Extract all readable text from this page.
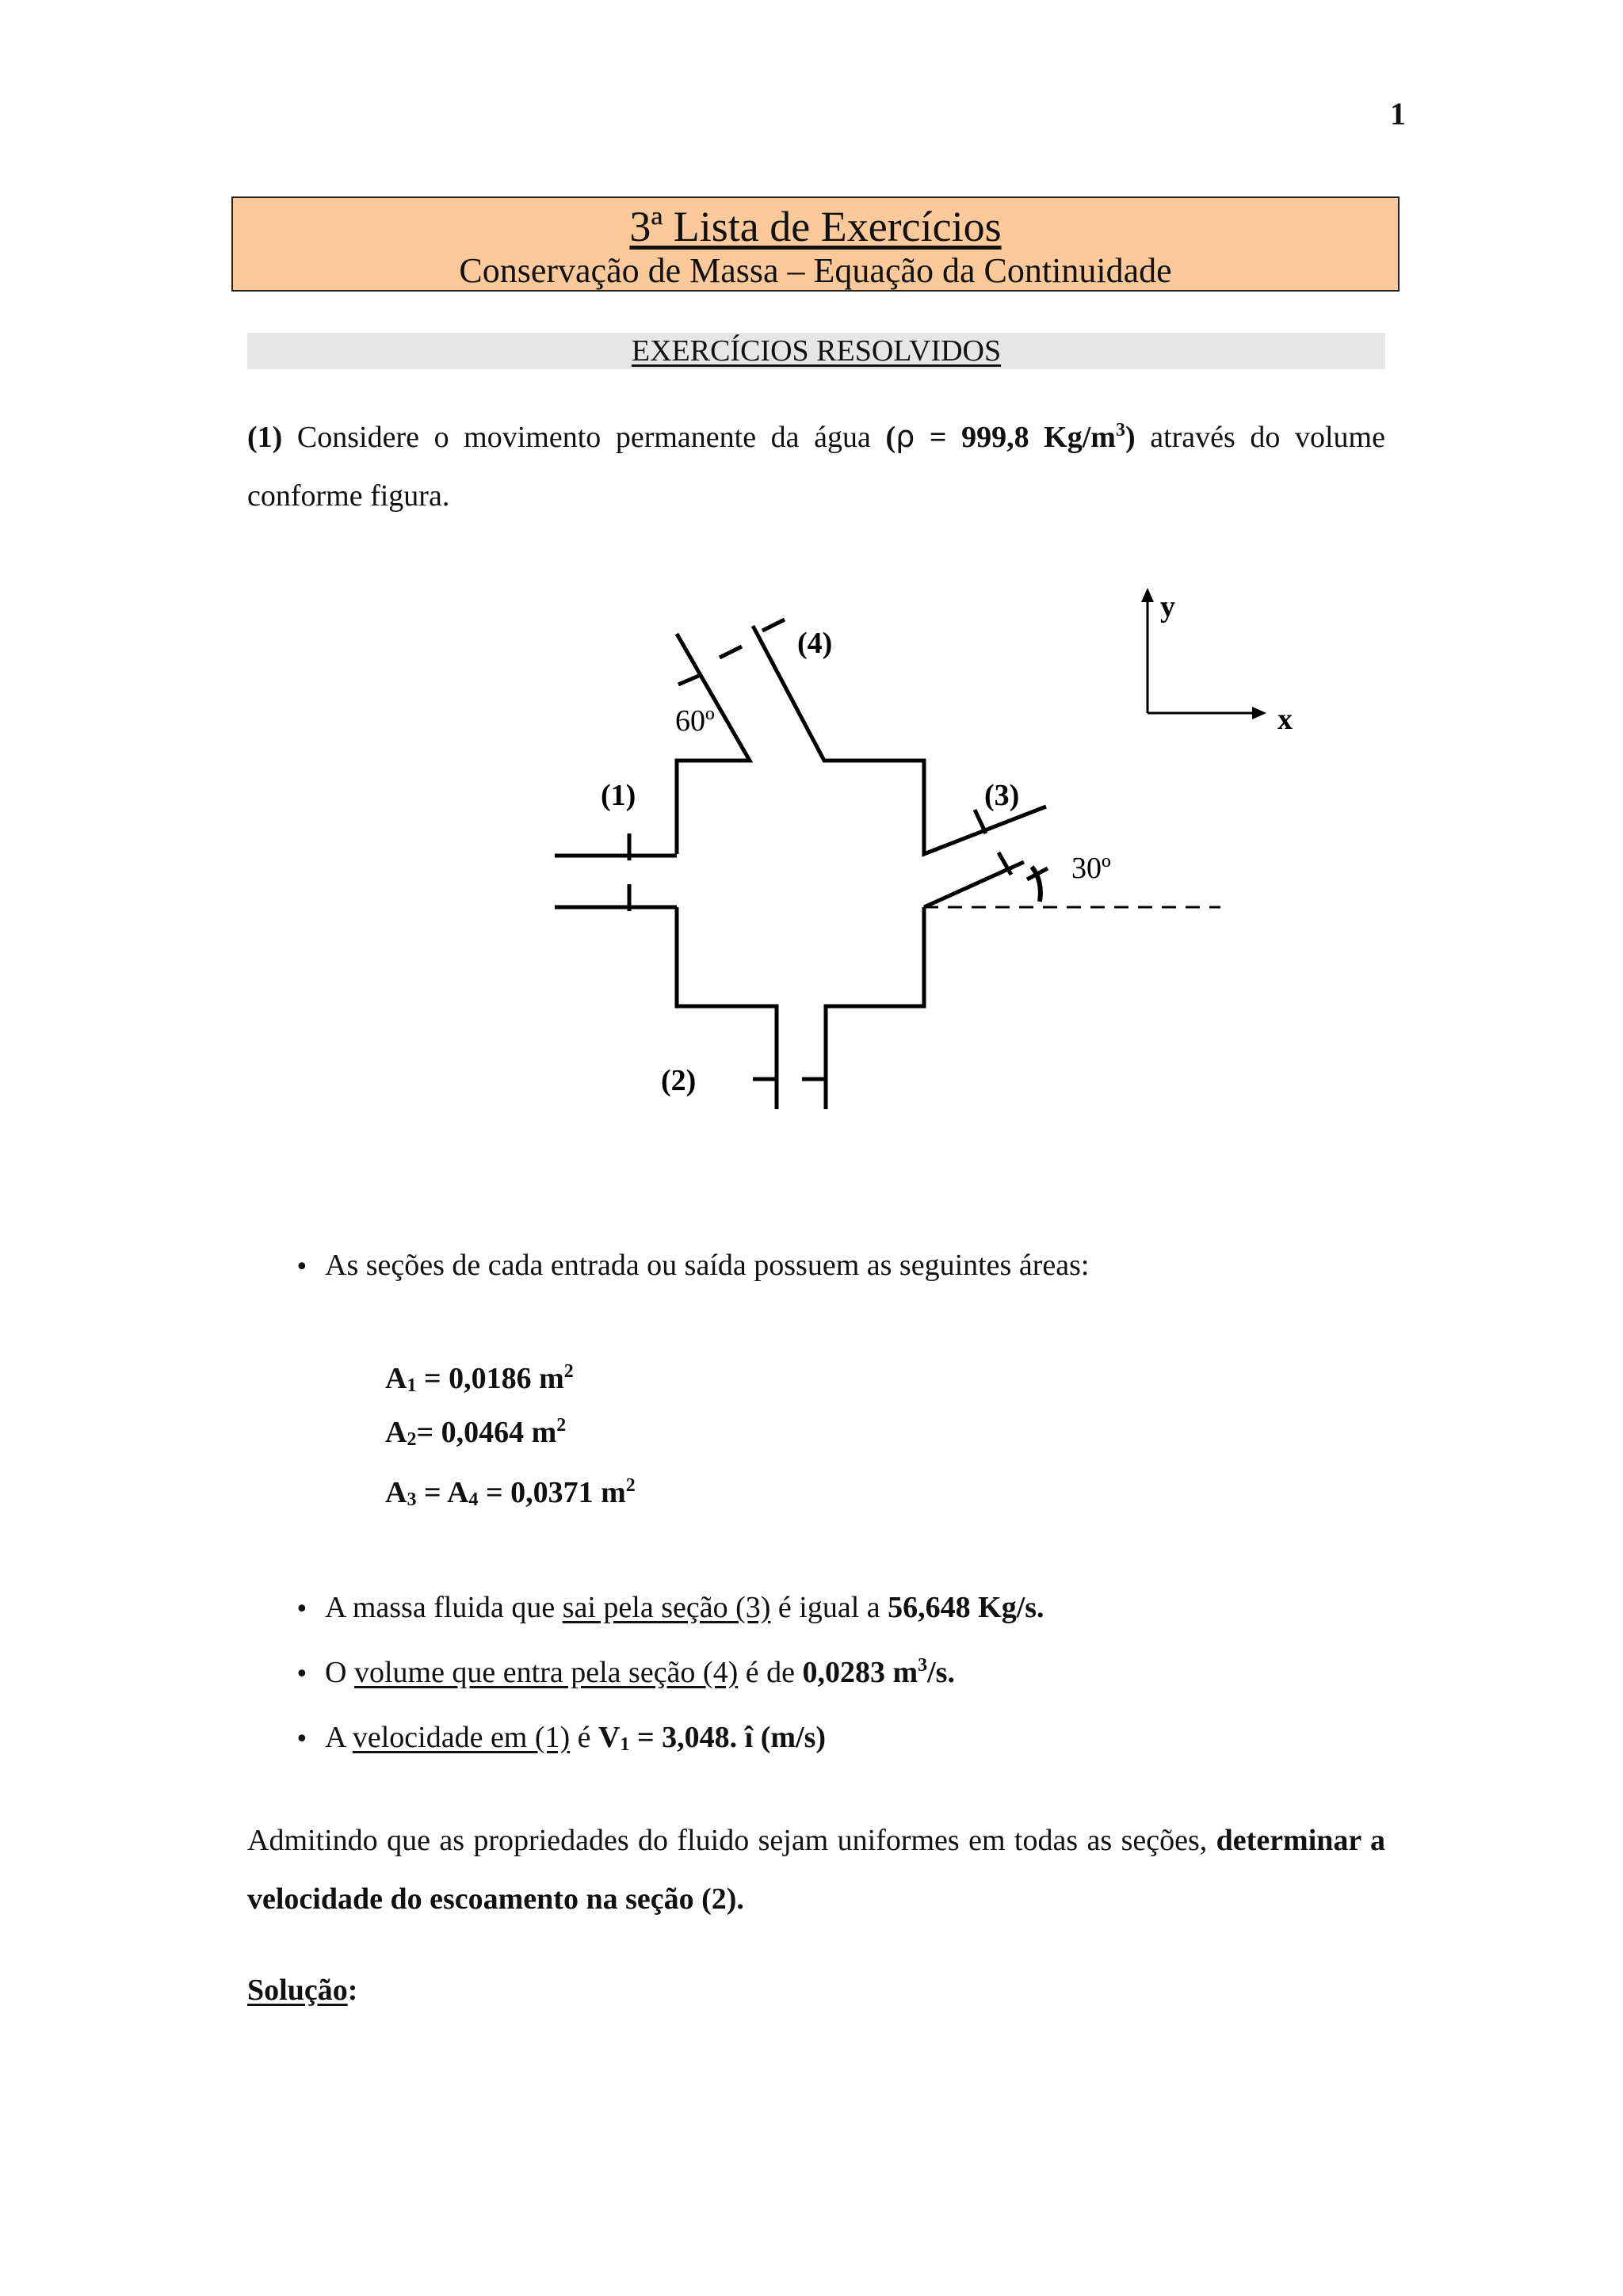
1
3ª Lista de Exercícios
Conservação de Massa – Equação da Continuidade
EXERCÍCIOS RESOLVIDOS
(1) Considere o movimento permanente da água (ρ = 999,8 $Kg/m^3$) através do volume conforme figura.
(4)
60º
(1)	(3)
30º
(2)
y
x
• As seções de cada entrada ou saída possuem as seguintes áreas:
$A_1 = 0,0186$ $m^2$
$A_2= 0,0464$ $m^2$
$A_3 = A_4 = 0,0371$ $m^2$
• A massa fluida que sai pela seção (3) é igual a 56,648 Kg/s.
• O volume que entra pela seção (4) é de 0,0283 $m^3/s$.
• A velocidade em (1) é $V_1 = 3,048$. î (m/s)
Admitindo que as propriedades do fluido sejam uniformes em todas as seções, determinar a velocidade do escoamento na seção (2).
Solução:
